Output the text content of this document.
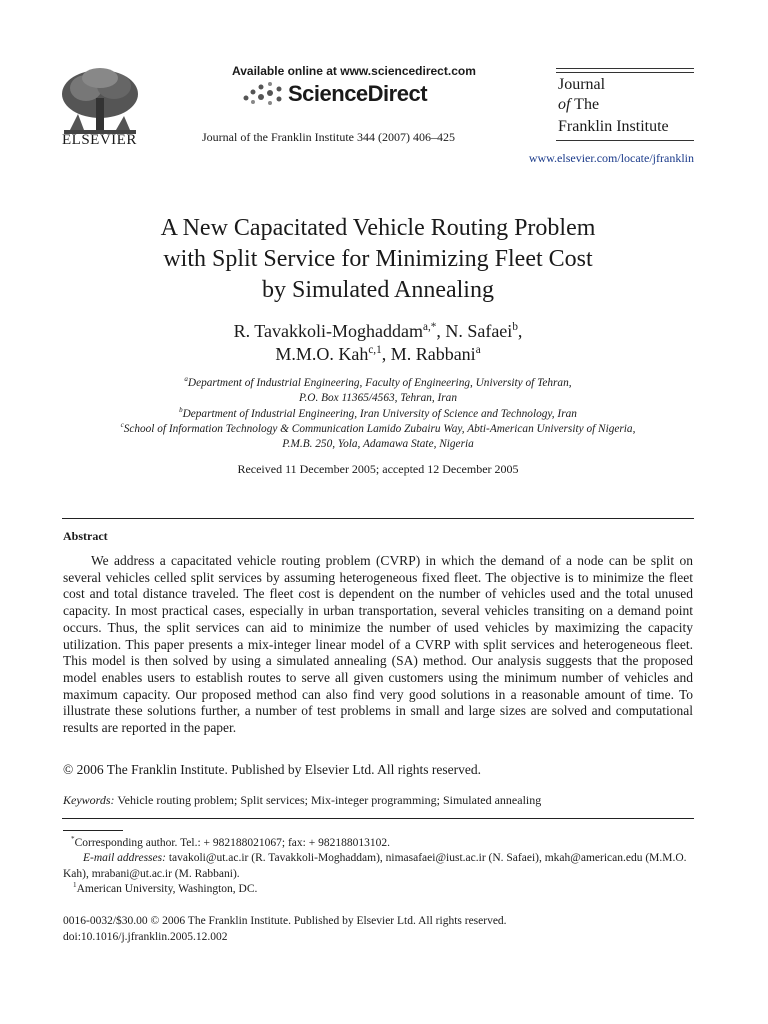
ELSEVIER
Available online at www.sciencedirect.com
ScienceDirect
Journal of the Franklin Institute 344 (2007) 406–425
Journal
of The
Franklin Institute
www.elsevier.com/locate/jfranklin
A New Capacitated Vehicle Routing Problem
with Split Service for Minimizing Fleet Cost
by Simulated Annealing
R. Tavakkoli-Moghaddam$^{a,*}$, N. Safaei$^b$,
M.M.O. Kah$^{c,1}$, M. Rabbani$^a$
$^a$Department of Industrial Engineering, Faculty of Engineering, University of Tehran,
P.O. Box 11365/4563, Tehran, Iran
$^b$Department of Industrial Engineering, Iran University of Science and Technology, Iran
$^c$School of Information Technology & Communication Lamido Zubairu Way, Abti-American University of Nigeria,
P.M.B. 250, Yola, Adamawa State, Nigeria
Received 11 December 2005; accepted 12 December 2005
Abstract
We address a capacitated vehicle routing problem (CVRP) in which the demand of a node can be split on several vehicles celled split services by assuming heterogeneous fixed fleet. The objective is to minimize the fleet cost and total distance traveled. The fleet cost is dependent on the number of vehicles used and the total unused capacity. In most practical cases, especially in urban transportation, several vehicles transiting on a demand point occurs. Thus, the split services can aid to minimize the number of used vehicles by maximizing the capacity utilization. This paper presents a mix-integer linear model of a CVRP with split services and heterogeneous fleet. This model is then solved by using a simulated annealing (SA) method. Our analysis suggests that the proposed model enables users to establish routes to serve all given customers using the minimum number of vehicles and maximum capacity. Our proposed method can also find very good solutions in a reasonable amount of time. To illustrate these solutions further, a number of test problems in small and large sizes are solved and computational results are reported in the paper.
© 2006 The Franklin Institute. Published by Elsevier Ltd. All rights reserved.
Keywords: Vehicle routing problem; Split services; Mix-integer programming; Simulated annealing
*Corresponding author. Tel.: + 982188021067; fax: + 982188013102.
E-mail addresses: tavakoli@ut.ac.ir (R. Tavakkoli-Moghaddam), nimasafaei@iust.ac.ir (N. Safaei), mkah@american.edu (M.M.O. Kah), mrabani@ut.ac.ir (M. Rabbani).
$^1$American University, Washington, DC.
0016-0032/$30.00 © 2006 The Franklin Institute. Published by Elsevier Ltd. All rights reserved.
doi:10.1016/j.jfranklin.2005.12.002
